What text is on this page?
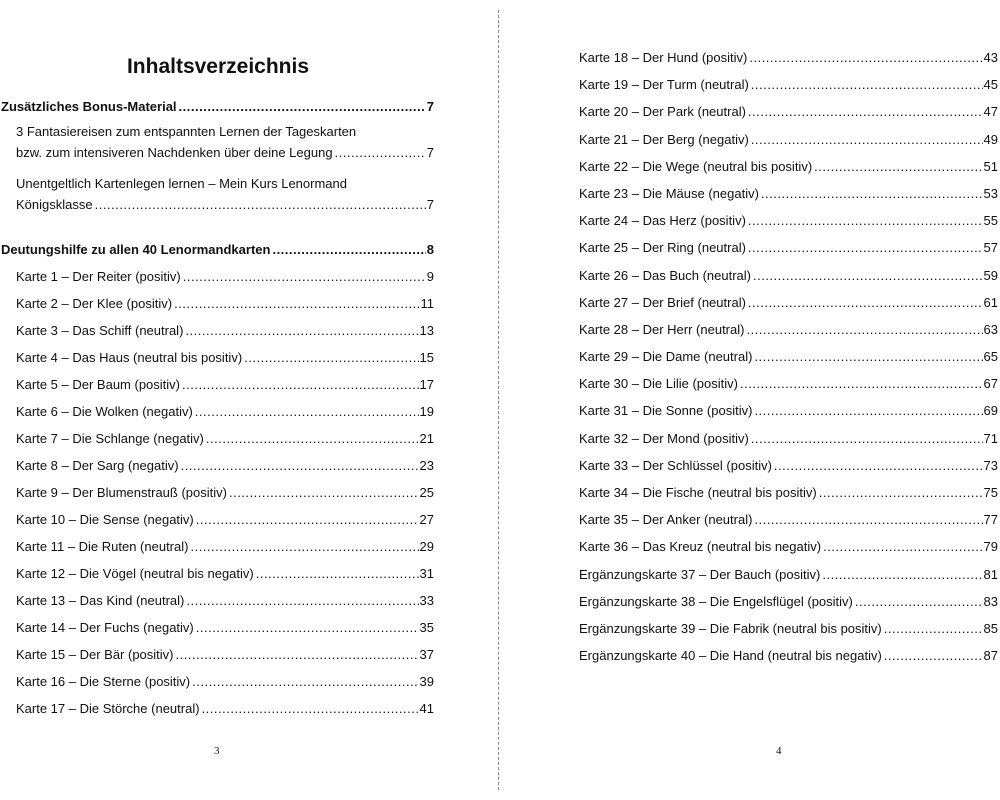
Inhaltsverzeichnis
Zusätzliches Bonus-Material .....	7
3 Fantasiereisen zum entspannten Lernen der Tageskarten
bzw. zum intensiveren Nachdenken über deine Legung .....	7
Unentgeltlich Kartenlegen lernen – Mein Kurs Lenormand
Königsklasse .....	7
Deutungshilfe zu allen 40 Lenormandkarten .....	8
Karte 1 – Der Reiter (positiv) .....	9
Karte 2 – Der Klee (positiv) .....	11
Karte 3 – Das Schiff (neutral) .....	13
Karte 4 – Das Haus (neutral bis positiv) .....	15
Karte 5 – Der Baum (positiv) .....	17
Karte 6 – Die Wolken (negativ) .....	19
Karte 7 – Die Schlange (negativ) .....	21
Karte 8 – Der Sarg (negativ) .....	23
Karte 9 – Der Blumenstrauß (positiv) .....	25
Karte 10 – Die Sense (negativ) .....	27
Karte 11 – Die Ruten (neutral) .....	29
Karte 12 – Die Vögel (neutral bis negativ) .....	31
Karte 13 – Das Kind (neutral) .....	33
Karte 14 – Der Fuchs (negativ) .....	35
Karte 15 – Der Bär (positiv) .....	37
Karte 16 – Die Sterne (positiv) .....	39
Karte 17 – Die Störche (neutral) .....	41
3
Karte 18 – Der Hund (positiv) .....	43
Karte 19 – Der Turm (neutral) .....	45
Karte 20 – Der Park (neutral) .....	47
Karte 21 – Der Berg (negativ) .....	49
Karte 22 – Die Wege (neutral bis positiv) .....	51
Karte 23 – Die Mäuse (negativ) .....	53
Karte 24 – Das Herz (positiv) .....	55
Karte 25 – Der Ring (neutral) .....	57
Karte 26 – Das Buch (neutral) .....	59
Karte 27 – Der Brief (neutral) .....	61
Karte 28 – Der Herr (neutral) .....	63
Karte 29 – Die Dame (neutral) .....	65
Karte 30 – Die Lilie (positiv) .....	67
Karte 31 – Die Sonne (positiv) .....	69
Karte 32 – Der Mond (positiv) .....	71
Karte 33 – Der Schlüssel (positiv) .....	73
Karte 34 – Die Fische (neutral bis positiv) .....	75
Karte 35 – Der Anker (neutral) .....	77
Karte 36 – Das Kreuz (neutral bis negativ) .....	79
Ergänzungskarte 37 – Der Bauch (positiv) .....	81
Ergänzungskarte 38 – Die Engelsflügel (positiv) .....	83
Ergänzungskarte 39 – Die Fabrik (neutral bis positiv) .....	85
Ergänzungskarte 40 – Die Hand (neutral bis negativ) .....	87
4
